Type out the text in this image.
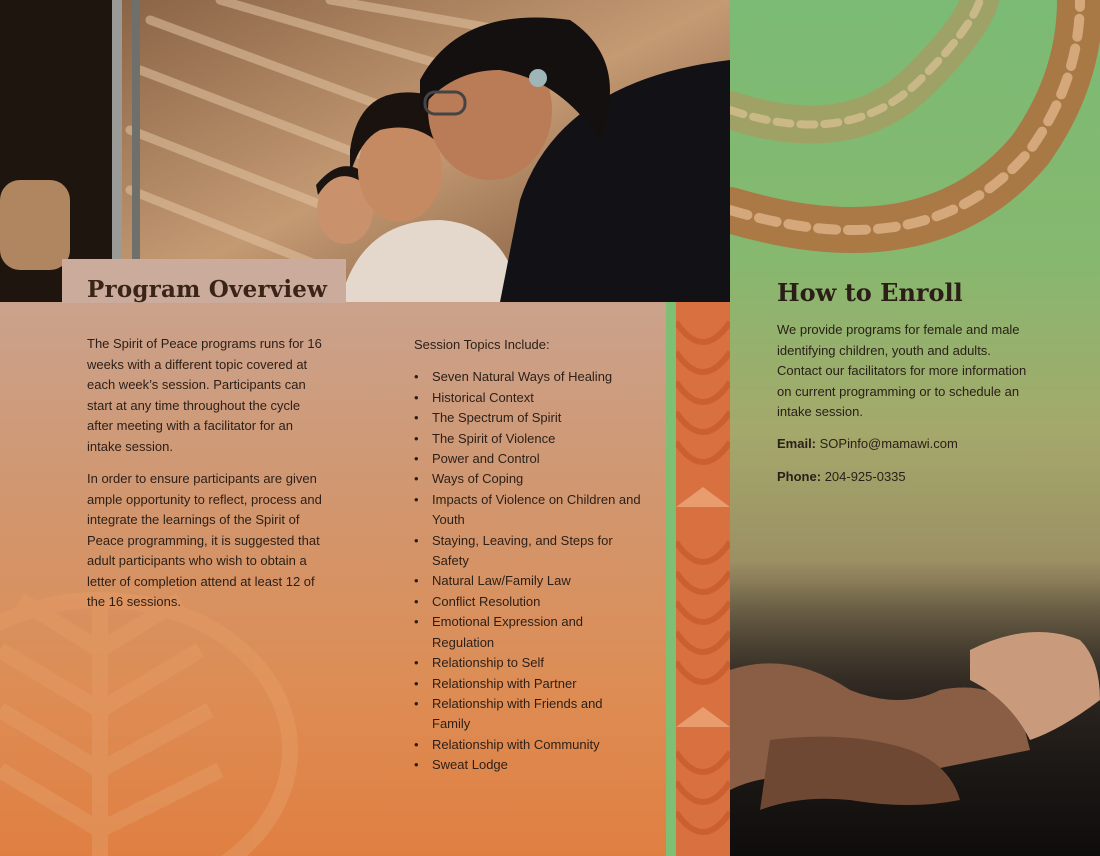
The Spirit of Peace programs runs for 16 weeks with a different topic covered at each week’s session. Participants can start at any time throughout the cycle after meeting with a facilitator for an intake session.

In order to ensure participants are given ample opportunity to reflect, process and integrate the learnings of the Spirit of Peace programming, it is suggested that adult participants who wish to obtain a letter of completion attend at least 12 of the 16 sessions.

Session Topics Include:

• Seven Natural Ways of Healing
• Historical Context
• The Spectrum of Spirit
• The Spirit of Violence
• Power and Control
• Ways of Coping
• Impacts of Violence on Children and Youth
• Staying, Leaving, and Steps for Safety
• Natural Law/Family Law
• Conflict Resolution
• Emotional Expression and Regulation
• Relationship to Self
• Relationship with Partner
• Relationship with Friends and Family
• Relationship with Community
• Sweat Lodge
Program Overview	How to Enroll

We provide programs for female and male identifying children, youth and adults. Contact our facilitators for more information on current programming or to schedule an intake session.

Email: SOPinfo@mamawi.com
Phone: 204-925-0335
